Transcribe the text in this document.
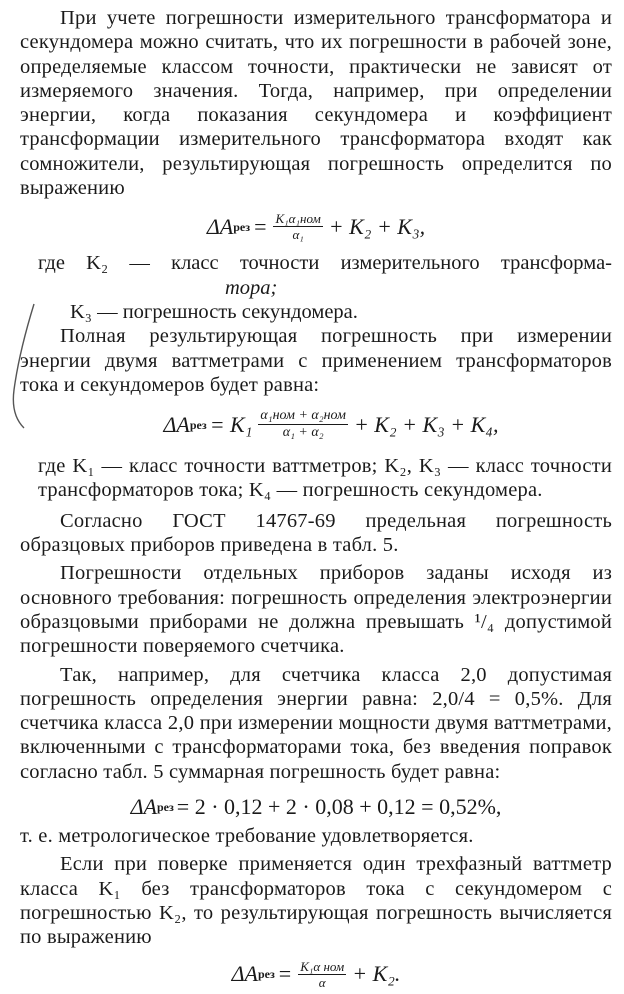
При учете погрешности измерительного трансформатора и секундомера можно считать, что их погрешности в рабочей зоне, определяемые классом точности, практически не зависят от измеряемого значения. Тогда, например, при определении энергии, когда показания секундомера и коэффициент трансформации измерительного трансформатора входят как сомножители, результирующая погрешность определится по выражению

ΔA рез = $\frac{\text{K₁α₁ном}}{\text{α₁}} + K_2 + K_3$,

где K₂ — класс точности измерительного трансформа-

тора;

K₃ — погрешность секундомера.

Полная результирующая погрешность при измерении энергии двумя ваттметрами с применением трансформаторов тока и секундомеров будет равна:

ΔA рез = $K_1 \frac{\text{α₁ном + α₂ном}}{\text{α₁ + α₂}} + K_2 + K_3 + K_4$,

где K₁ — класс точности ваттметров; K₂, K₃ — класс точности трансформаторов тока; K₄ — погрешность секундомера.

Согласно ГОСТ 14767-69 предельная погрешность образцовых приборов приведена в табл. 5.

Погрешности отдельных приборов заданы исходя из основного требования: погрешность определения электроэнергии образцовыми приборами не должна превышать ¹/₄ допустимой погрешности поверяемого счетчика.

Так, например, для счетчика класса 2,0 допустимая погрешность определения энергии равна: 2,0/4 = 0,5%. Для счетчика класса 2,0 при измерении мощности двумя ваттметрами, включенными с трансформаторами тока, без введения поправок согласно табл. 5 суммарная погрешность будет равна:

ΔA рез = 2 · 0,12 + 2 · 0,08 + 0,12 = 0,52%,

т. е. метрологическое требование удовлетворяется.

Если при поверке применяется один трехфазный ваттметр класса K₁ без трансформаторов тока с секундомером с погрешностью K₂, то результирующая погрешность вычисляется по выражению

ΔA рез = $\frac{\text{K₁α ном}}{\alpha} + K_2$.
